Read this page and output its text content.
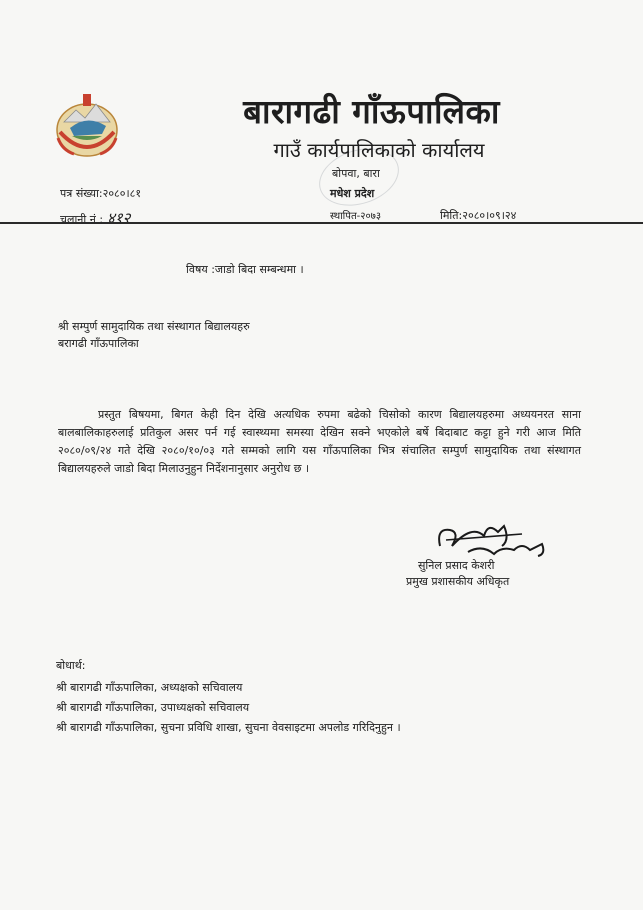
बारागढी गाँऊपालिका
गाउँ कार्यपालिकाको कार्यालय
बोपवा, बारा
मधेश प्रदेश
स्थापित-२०७३
पत्र संख्या:२०८०।८१
चलानी नं : ४१२	मिति:२०८०।०९।२४
विषय :जाडो बिदा सम्बन्धमा ।
श्री सम्पुर्ण सामुदायिक तथा संस्थागत बिद्यालयहरु
बरागढी गाँऊपालिका
प्रस्तुत बिषयमा, बिगत केही दिन देखि अत्यधिक रुपमा बढेको चिसोको कारण बिद्यालयहरुमा अध्ययनरत साना बालबालिकाहरुलाई प्रतिकुल असर पर्न गई स्वास्थ्यमा समस्या देखिन सक्ने भएकोले बर्षे बिदाबाट कट्टा हुने गरी आज मिति २०८०/०९/२४ गते देखि २०८०/१०/०३ गते सम्मको लागि यस गाँऊपालिका भित्र संचालित सम्पुर्ण सामुदायिक तथा संस्थागत बिद्यालयहरुले जाडो बिदा मिलाउनुहुन निर्देशनानुसार अनुरोध छ ।
सुनिल प्रसाद केशरी
प्रमुख प्रशासकीय अधिकृत
बोधार्थ:
श्री बारागढी गाँऊपालिका, अध्यक्षको सचिवालय
श्री बारागढी गाँऊपालिका, उपाध्यक्षको सचिवालय
श्री बारागढी गाँऊपालिका, सुचना प्रविधि शाखा, सुचना वेवसाइटमा अपलोड गरिदिनुहुन ।
